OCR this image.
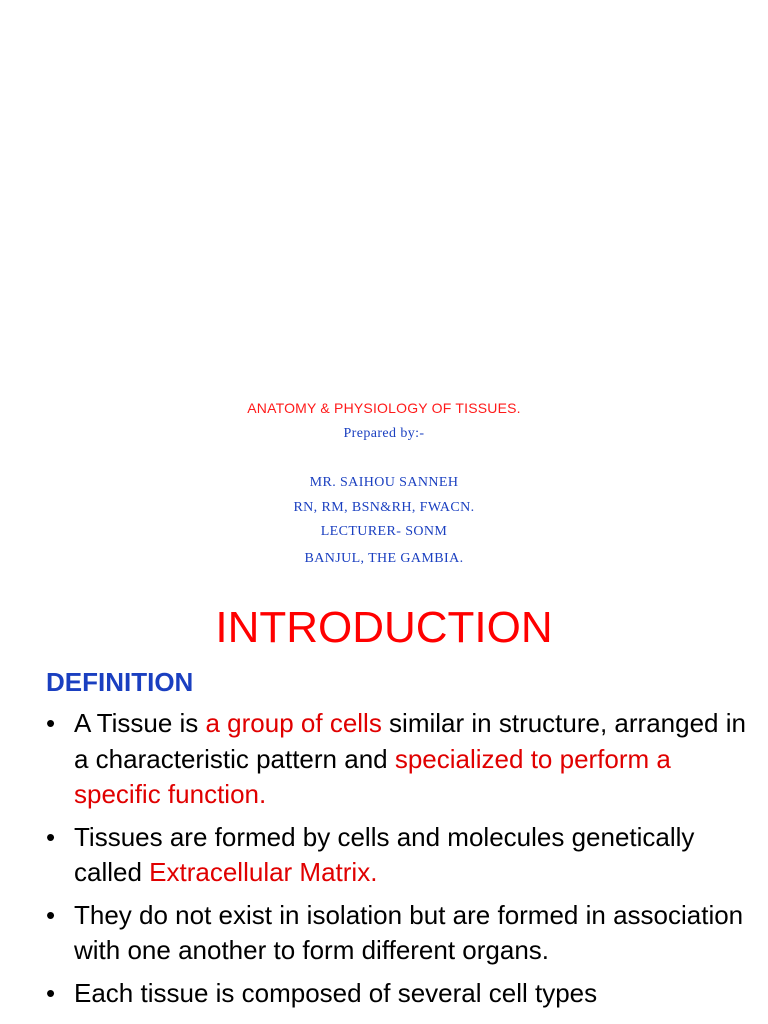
ANATOMY & PHYSIOLOGY OF TISSUES.
Prepared by:-
MR. SAIHOU SANNEH
RN, RM, BSN&RH, FWACN.
LECTURER- SONM
BANJUL, THE GAMBIA.
INTRODUCTION
DEFINITION
• A Tissue is a group of cells similar in structure, arranged in a characteristic pattern and specialized to perform a specific function.
• Tissues are formed by cells and molecules genetically called Extracellular Matrix.
• They do not exist in isolation but are formed in association with one another to form different organs.
• Each tissue is composed of several cell types
